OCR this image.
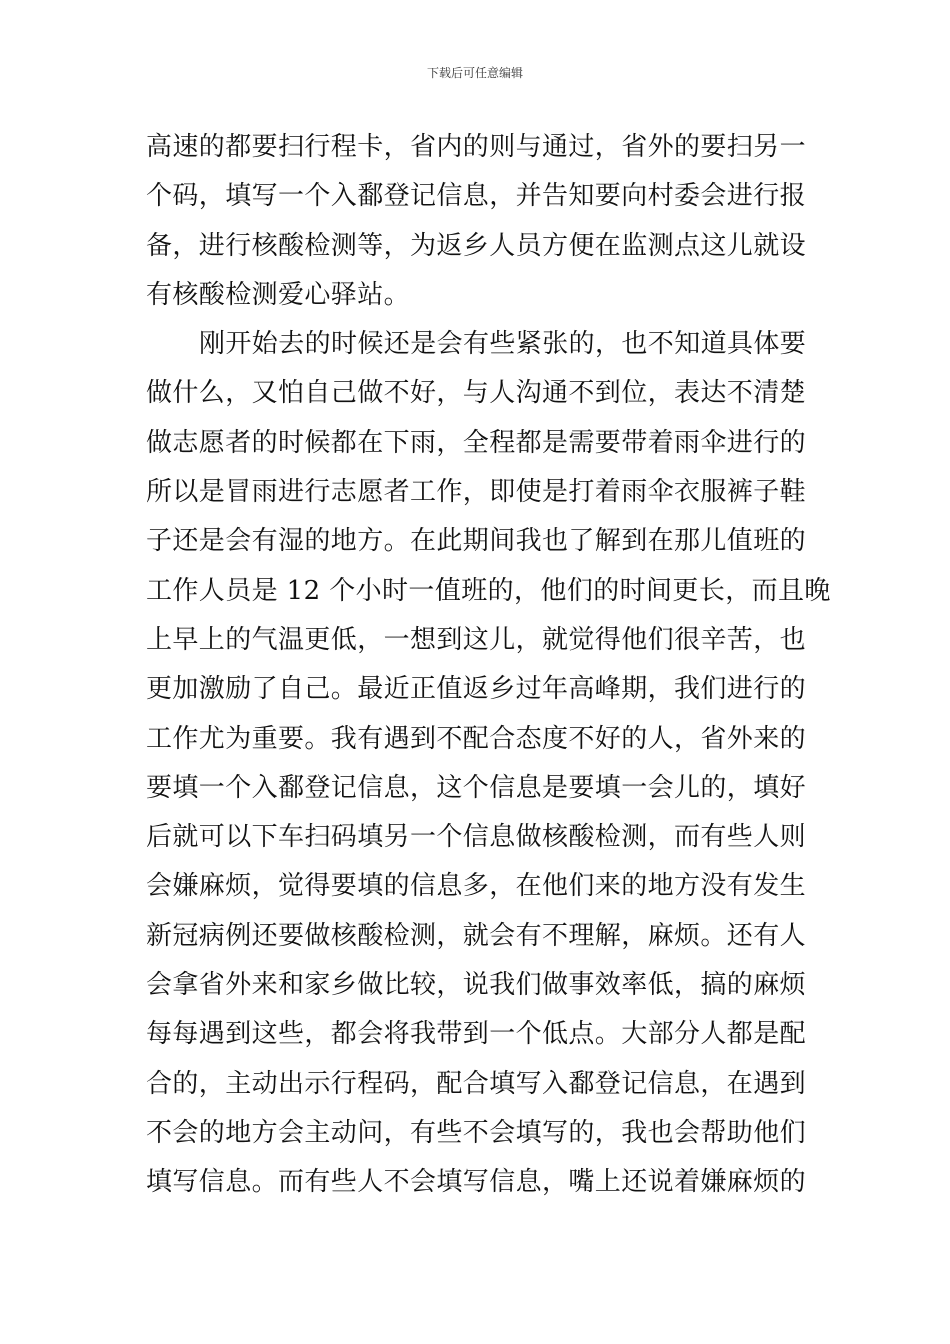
下载后可任意编辑
高速的都要扫行程卡，省内的则与通过，省外的要扫另一
个码，填写一个入鄱登记信息，并告知要向村委会进行报
备，进行核酸检测等，为返乡人员方便在监测点这儿就设
有核酸检测爱心驿站。
刚开始去的时候还是会有些紧张的，也不知道具体要
做什么，又怕自己做不好，与人沟通不到位，表达不清楚
做志愿者的时候都在下雨，全程都是需要带着雨伞进行的
所以是冒雨进行志愿者工作，即使是打着雨伞衣服裤子鞋
子还是会有湿的地方。在此期间我也了解到在那儿值班的
工作人员是 12 个小时一值班的，他们的时间更长，而且晚
上早上的气温更低，一想到这儿，就觉得他们很辛苦，也
更加激励了自己。最近正值返乡过年高峰期，我们进行的
工作尤为重要。我有遇到不配合态度不好的人，省外来的
要填一个入鄱登记信息，这个信息是要填一会儿的，填好
后就可以下车扫码填另一个信息做核酸检测，而有些人则
会嫌麻烦，觉得要填的信息多，在他们来的地方没有发生
新冠病例还要做核酸检测，就会有不理解，麻烦。还有人
会拿省外来和家乡做比较，说我们做事效率低，搞的麻烦
每每遇到这些，都会将我带到一个低点。大部分人都是配
合的，主动出示行程码，配合填写入鄱登记信息，在遇到
不会的地方会主动问，有些不会填写的，我也会帮助他们
填写信息。而有些人不会填写信息，嘴上还说着嫌麻烦的
